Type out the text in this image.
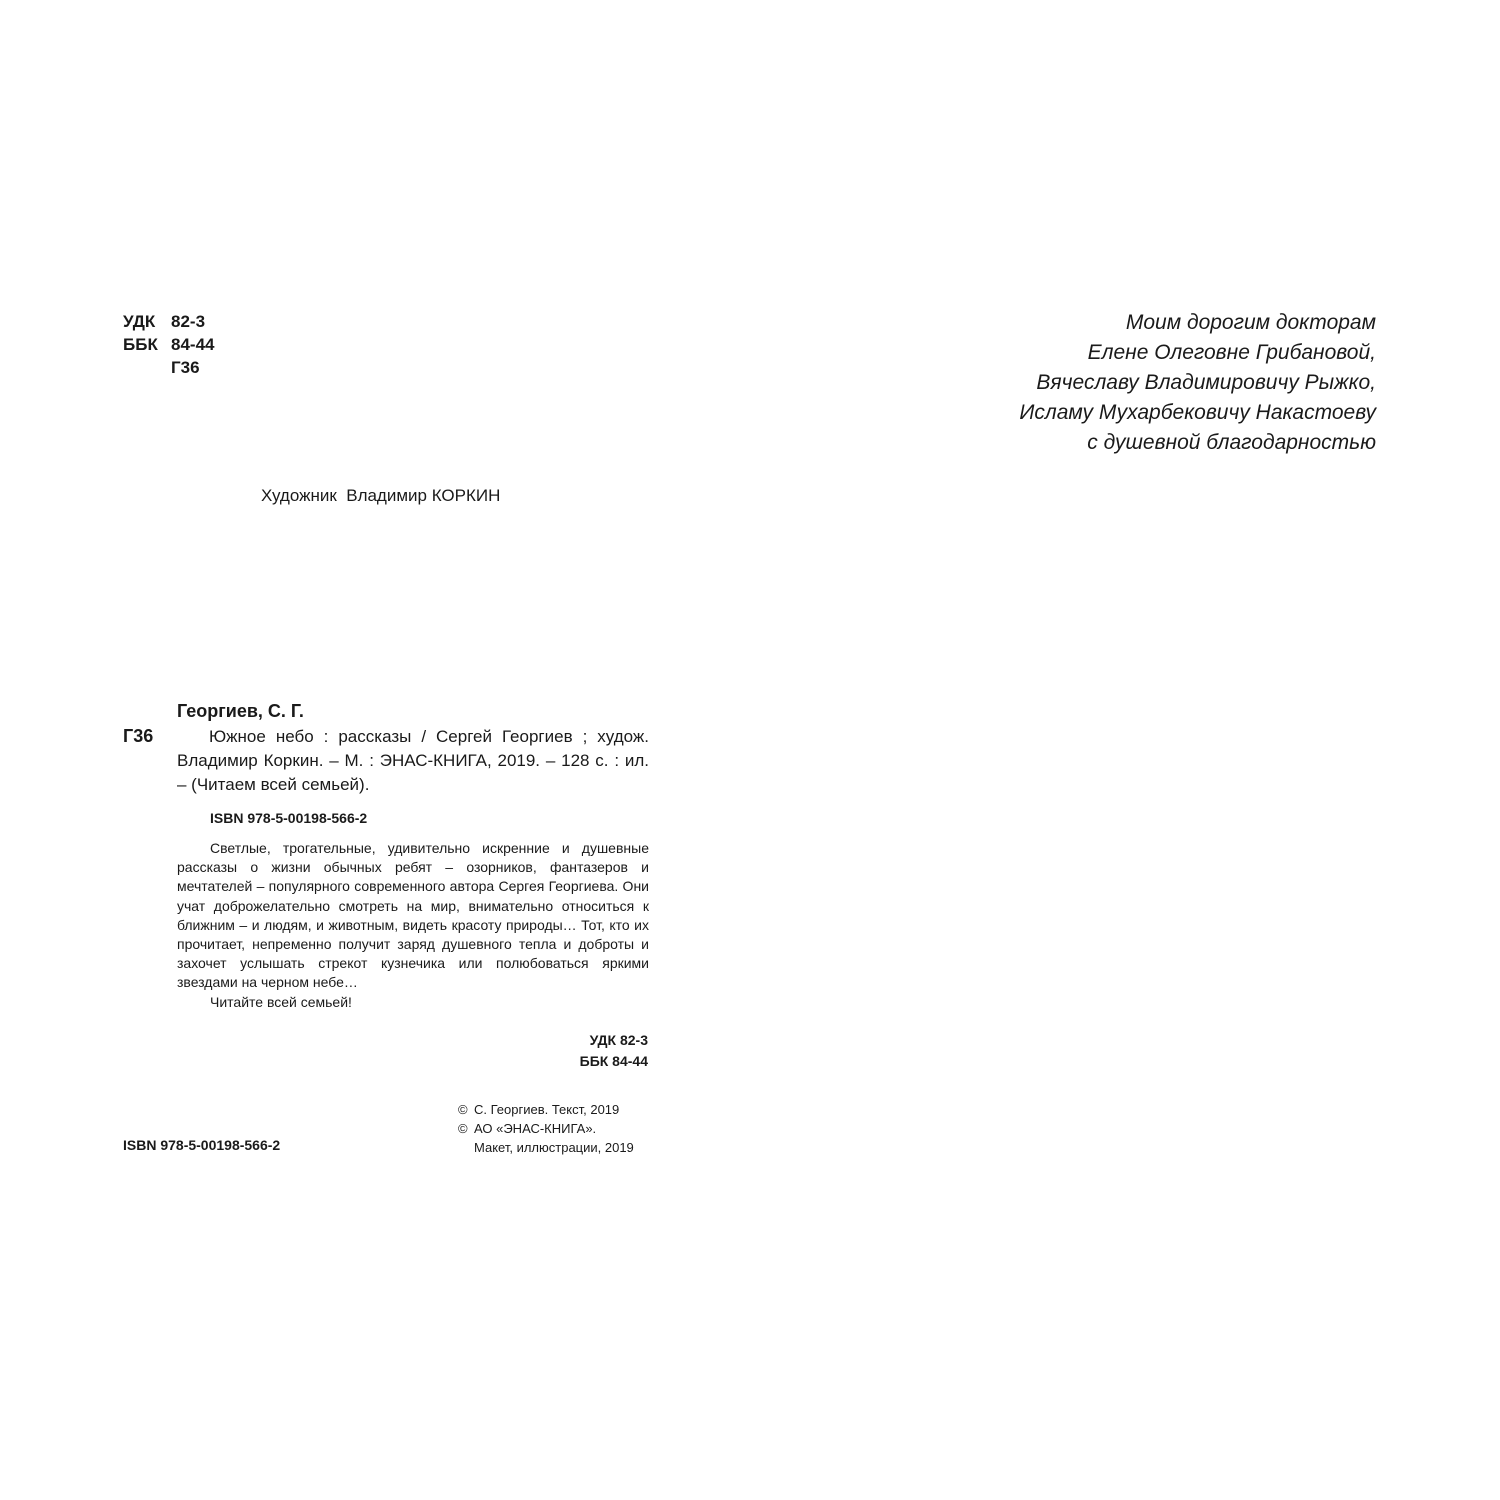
УДК 82-3
ББК 84-44
Г36
Художник  Владимир КОРКИН
Моим дорогим докторам
Елене Олеговне Грибановой,
Вячеславу Владимировичу Рыжко,
Исламу Мухарбековичу Накастоеву
с душевной благодарностью
Георгиев, С. Г.
Г36	Южное небо : рассказы / Сергей Георгиев ; худож. Владимир Коркин. – М. : ЭНАС-КНИГА, 2019. – 128 с. : ил. – (Читаем всей семьей).

ISBN 978-5-00198-566-2

Светлые, трогательные, удивительно искренние и душевные рассказы о жизни обычных ребят – озорников, фантазеров и мечтателей – популярного современного автора Сергея Георгиева. Они учат доброжелательно смотреть на мир, внимательно относиться к ближним – и людям, и животным, видеть красоту природы… Тот, кто их прочитает, непременно получит заряд душевного тепла и доброты и захочет услышать стрекот кузнечика или полюбоваться яркими звездами на черном небе…

Читайте всей семьей!

УДК 82-3
ББК 84-44
© С. Георгиев. Текст, 2019
© АО «ЭНАС-КНИГА».
Макет, иллюстрации, 2019
ISBN 978-5-00198-566-2
